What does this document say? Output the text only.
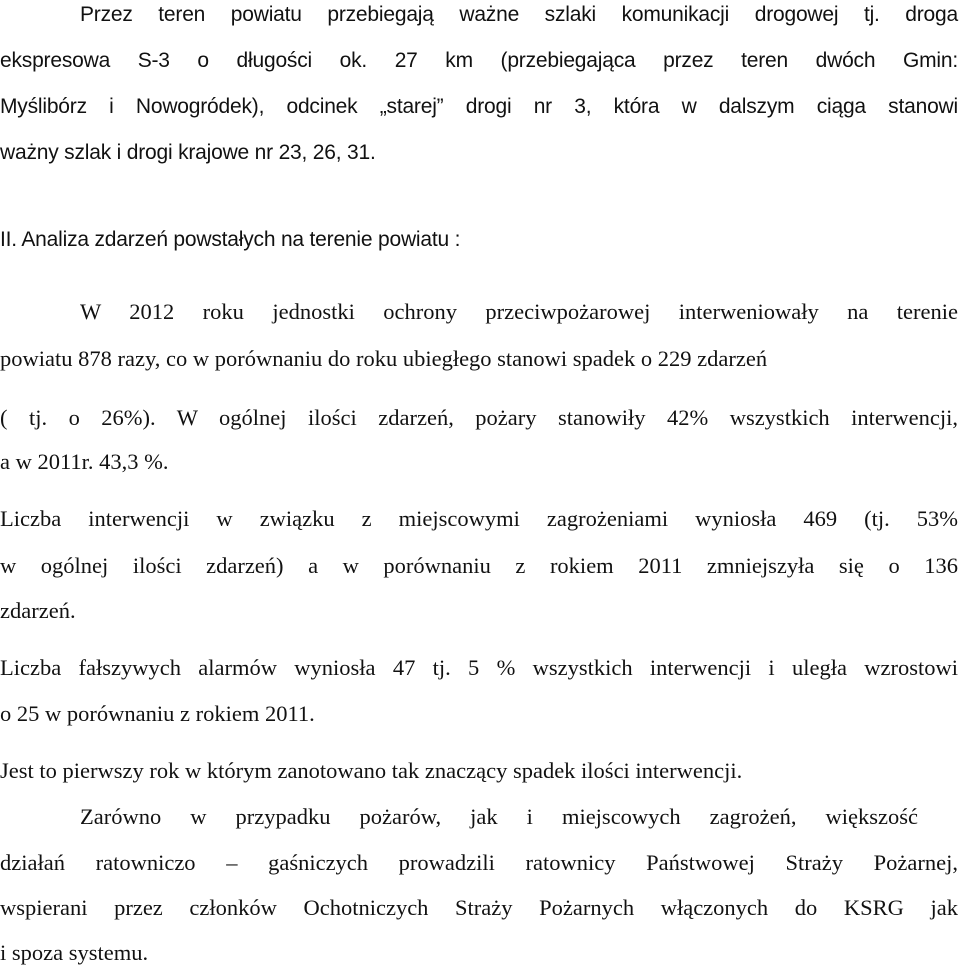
Przez teren powiatu przebiegają ważne szlaki komunikacji drogowej tj. droga
ekspresowa S-3 o długości ok. 27 km (przebiegająca przez teren dwóch Gmin:
Myślibórz i Nowogródek), odcinek „starej” drogi nr 3, która w dalszym ciąga stanowi
ważny szlak i drogi krajowe nr 23, 26, 31.
II. Analiza zdarzeń powstałych na terenie powiatu :
W 2012 roku jednostki ochrony przeciwpożarowej interweniowały na terenie
powiatu 878 razy, co w porównaniu do roku ubiegłego stanowi spadek o 229 zdarzeń
( tj. o 26%). W ogólnej ilości zdarzeń, pożary stanowiły 42% wszystkich interwencji,
a w 2011r. 43,3 %.
Liczba interwencji w związku z miejscowymi zagrożeniami wyniosła 469 (tj. 53%
w ogólnej ilości zdarzeń) a w porównaniu z rokiem 2011 zmniejszyła się o 136
zdarzeń.
Liczba fałszywych alarmów wyniosła 47 tj. 5 % wszystkich interwencji i uległa wzrostowi
o 25 w porównaniu z rokiem 2011.
Jest to pierwszy rok w którym zanotowano tak znaczący spadek ilości interwencji.
Zarówno w przypadku pożarów, jak i miejscowych zagrożeń, większość
działań ratowniczo – gaśniczych prowadzili ratownicy Państwowej Straży Pożarnej,
wspierani przez członków Ochotniczych Straży Pożarnych włączonych do KSRG jak
i spoza systemu.
